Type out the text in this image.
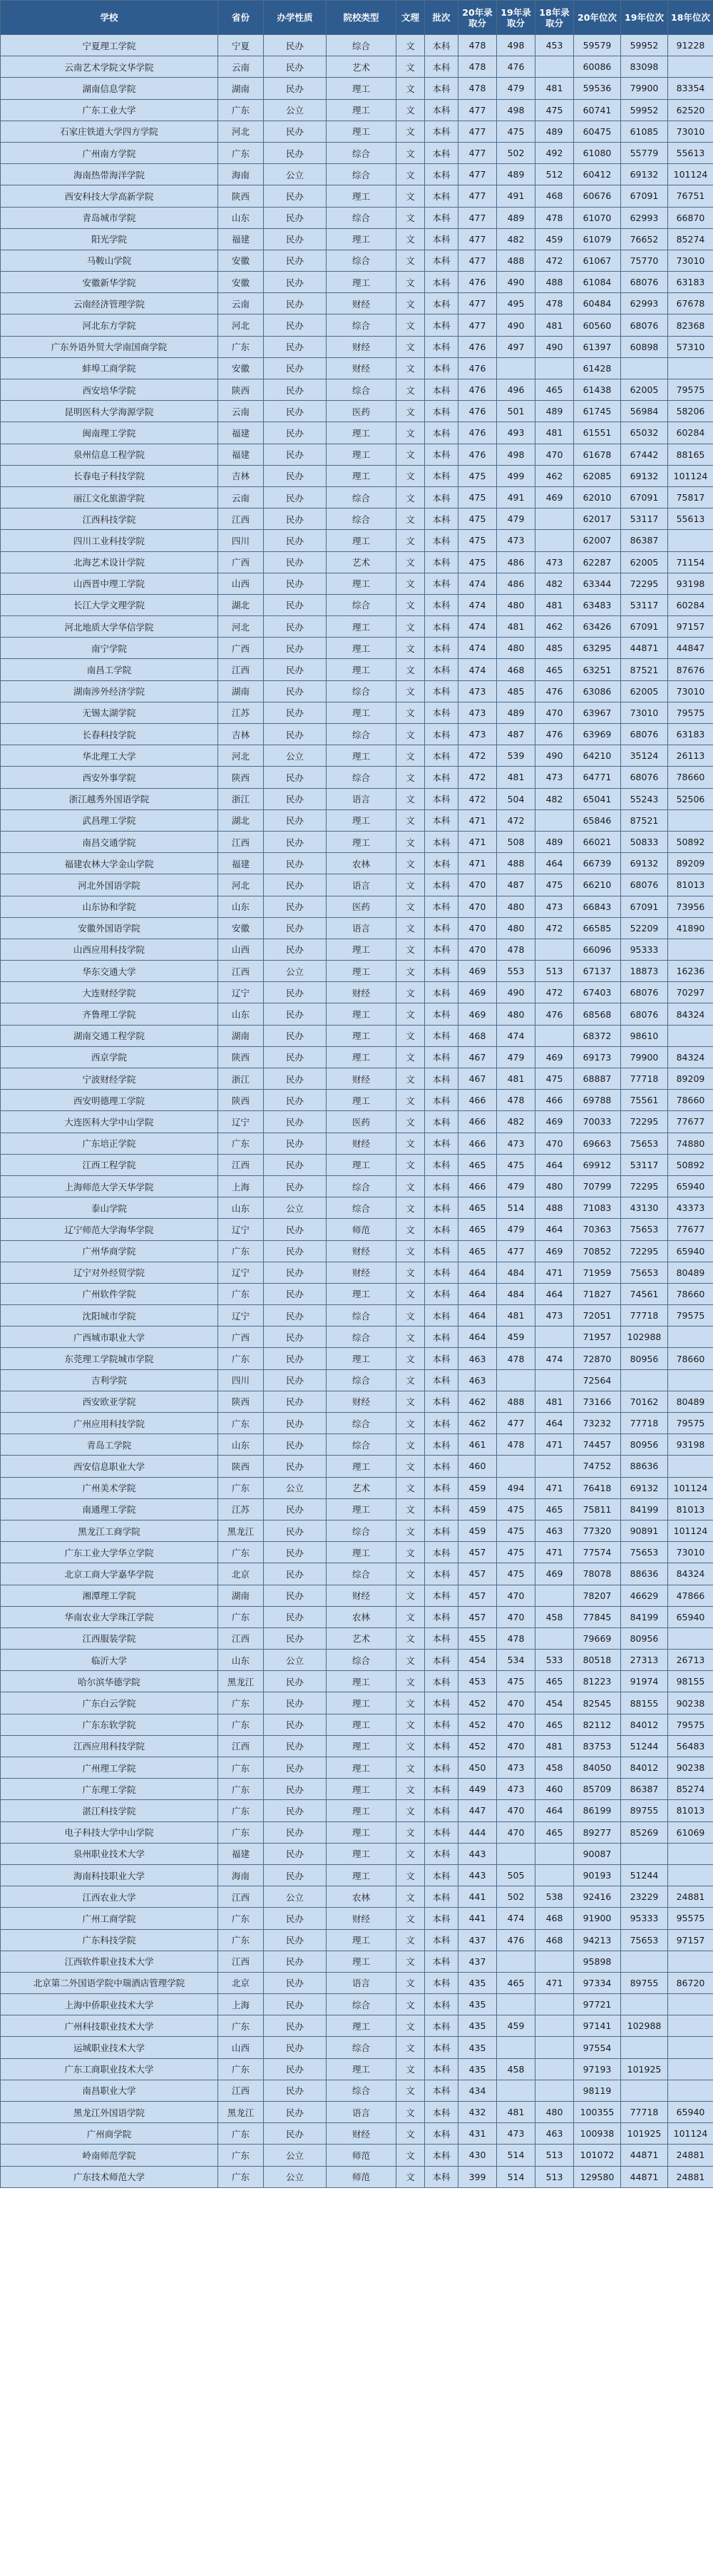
学校	省份	办学性质	院校类型	文理	批次	20年录取分	19年录取分	18年录取分	20年位次	19年位次	18年位次
宁夏理工学院	宁夏	民办	综合	文	本科	478	498	453	59579	59952	91228
云南艺术学院文华学院	云南	民办	艺术	文	本科	478	476		60086	83098	
湖南信息学院	湖南	民办	理工	文	本科	478	479	481	59536	79900	83354
广东工业大学	广东	公立	理工	文	本科	477	498	475	60741	59952	62520
石家庄铁道大学四方学院	河北	民办	理工	文	本科	477	475	489	60475	61085	73010
广州南方学院	广东	民办	综合	文	本科	477	502	492	61080	55779	55613
海南热带海洋学院	海南	公立	综合	文	本科	477	489	512	60412	69132	101124
西安科技大学高新学院	陕西	民办	理工	文	本科	477	491	468	60676	67091	76751
青岛城市学院	山东	民办	综合	文	本科	477	489	478	61070	62993	66870
阳光学院	福建	民办	理工	文	本科	477	482	459	61079	76652	85274
马鞍山学院	安徽	民办	综合	文	本科	477	488	472	61067	75770	73010
安徽新华学院	安徽	民办	理工	文	本科	476	490	488	61084	68076	63183
云南经济管理学院	云南	民办	财经	文	本科	477	495	478	60484	62993	67678
河北东方学院	河北	民办	综合	文	本科	477	490	481	60560	68076	82368
广东外语外贸大学南国商学院	广东	民办	财经	文	本科	476	497	490	61397	60898	57310
蚌埠工商学院	安徽	民办	财经	文	本科	476			61428		
西安培华学院	陕西	民办	综合	文	本科	476	496	465	61438	62005	79575
昆明医科大学海源学院	云南	民办	医药	文	本科	476	501	489	61745	56984	58206
闽南理工学院	福建	民办	理工	文	本科	476	493	481	61551	65032	60284
泉州信息工程学院	福建	民办	理工	文	本科	476	498	470	61678	67442	88165
长春电子科技学院	吉林	民办	理工	文	本科	475	499	462	62085	69132	101124
丽江文化旅游学院	云南	民办	综合	文	本科	475	491	469	62010	67091	75817
江西科技学院	江西	民办	综合	文	本科	475	479		62017	53117	55613
四川工业科技学院	四川	民办	理工	文	本科	475	473		62007	86387	
北海艺术设计学院	广西	民办	艺术	文	本科	475	486	473	62287	62005	71154
山西晋中理工学院	山西	民办	理工	文	本科	474	486	482	63344	72295	93198
长江大学文理学院	湖北	民办	综合	文	本科	474	480	481	63483	53117	60284
河北地质大学华信学院	河北	民办	理工	文	本科	474	481	462	63426	67091	97157
南宁学院	广西	民办	理工	文	本科	474	480	485	63295	44871	44847
南昌工学院	江西	民办	理工	文	本科	474	468	465	63251	87521	87676
湖南涉外经济学院	湖南	民办	综合	文	本科	473	485	476	63086	62005	73010
无锡太湖学院	江苏	民办	理工	文	本科	473	489	470	63967	73010	79575
长春科技学院	吉林	民办	综合	文	本科	473	487	476	63969	68076	63183
华北理工大学	河北	公立	理工	文	本科	472	539	490	64210	35124	26113
西安外事学院	陕西	民办	综合	文	本科	472	481	473	64771	68076	78660
浙江越秀外国语学院	浙江	民办	语言	文	本科	472	504	482	65041	55243	52506
武昌理工学院	湖北	民办	理工	文	本科	471	472		65846	87521	
南昌交通学院	江西	民办	理工	文	本科	471	508	489	66021	50833	50892
福建农林大学金山学院	福建	民办	农林	文	本科	471	488	464	66739	69132	89209
河北外国语学院	河北	民办	语言	文	本科	470	487	475	66210	68076	81013
山东协和学院	山东	民办	医药	文	本科	470	480	473	66843	67091	73956
安徽外国语学院	安徽	民办	语言	文	本科	470	480	472	66585	52209	41890
山西应用科技学院	山西	民办	理工	文	本科	470	478		66096	95333	
华东交通大学	江西	公立	理工	文	本科	469	553	513	67137	18873	16236
大连财经学院	辽宁	民办	财经	文	本科	469	490	472	67403	68076	70297
齐鲁理工学院	山东	民办	理工	文	本科	469	480	476	68568	68076	84324
湖南交通工程学院	湖南	民办	理工	文	本科	468	474		68372	98610	
西京学院	陕西	民办	理工	文	本科	467	479	469	69173	79900	84324
宁波财经学院	浙江	民办	财经	文	本科	467	481	475	68887	77718	89209
西安明德理工学院	陕西	民办	理工	文	本科	466	478	466	69788	75561	78660
大连医科大学中山学院	辽宁	民办	医药	文	本科	466	482	469	70033	72295	77677
广东培正学院	广东	民办	财经	文	本科	466	473	470	69663	75653	74880
江西工程学院	江西	民办	理工	文	本科	465	475	464	69912	53117	50892
上海师范大学天华学院	上海	民办	综合	文	本科	466	479	480	70799	72295	65940
泰山学院	山东	公立	综合	文	本科	465	514	488	71083	43130	43373
辽宁师范大学海华学院	辽宁	民办	师范	文	本科	465	479	464	70363	75653	77677
广州华商学院	广东	民办	财经	文	本科	465	477	469	70852	72295	65940
辽宁对外经贸学院	辽宁	民办	财经	文	本科	464	484	471	71959	75653	80489
广州软件学院	广东	民办	理工	文	本科	464	484	464	71827	74561	78660
沈阳城市学院	辽宁	民办	综合	文	本科	464	481	473	72051	77718	79575
广西城市职业大学	广西	民办	综合	文	本科	464	459		71957	102988	
东莞理工学院城市学院	广东	民办	理工	文	本科	463	478	474	72870	80956	78660
吉利学院	四川	民办	综合	文	本科	463			72564		
西安欧亚学院	陕西	民办	财经	文	本科	462	488	481	73166	70162	80489
广州应用科技学院	广东	民办	综合	文	本科	462	477	464	73232	77718	79575
青岛工学院	山东	民办	综合	文	本科	461	478	471	74457	80956	93198
西安信息职业大学	陕西	民办	理工	文	本科	460			74752	88636	
广州美术学院	广东	公立	艺术	文	本科	459	494	471	76418	69132	101124
南通理工学院	江苏	民办	理工	文	本科	459	475	465	75811	84199	81013
黑龙江工商学院	黑龙江	民办	综合	文	本科	459	475	463	77320	90891	101124
广东工业大学华立学院	广东	民办	理工	文	本科	457	475	471	77574	75653	73010
北京工商大学嘉华学院	北京	民办	综合	文	本科	457	475	469	78078	88636	84324
湘潭理工学院	湖南	民办	财经	文	本科	457	470		78207	46629	47866
华南农业大学珠江学院	广东	民办	农林	文	本科	457	470	458	77845	84199	65940
江西服装学院	江西	民办	艺术	文	本科	455	478		79669	80956	
临沂大学	山东	公立	综合	文	本科	454	534	533	80518	27313	26713
哈尔滨华德学院	黑龙江	民办	理工	文	本科	453	475	465	81223	91974	98155
广东白云学院	广东	民办	理工	文	本科	452	470	454	82545	88155	90238
广东东软学院	广东	民办	理工	文	本科	452	470	465	82112	84012	79575
江西应用科技学院	江西	民办	理工	文	本科	452	470	481	83753	51244	56483
广州理工学院	广东	民办	理工	文	本科	450	473	458	84050	84012	90238
广东理工学院	广东	民办	理工	文	本科	449	473	460	85709	86387	85274
湛江科技学院	广东	民办	理工	文	本科	447	470	464	86199	89755	81013
电子科技大学中山学院	广东	民办	理工	文	本科	444	470	465	89277	85269	61069
泉州职业技术大学	福建	民办	理工	文	本科	443			90087		
海南科技职业大学	海南	民办	理工	文	本科	443	505		90193	51244	
江西农业大学	江西	公立	农林	文	本科	441	502	538	92416	23229	24881
广州工商学院	广东	民办	财经	文	本科	441	474	468	91900	95333	95575
广东科技学院	广东	民办	理工	文	本科	437	476	468	94213	75653	97157
江西软件职业技术大学	江西	民办	理工	文	本科	437			95898		
北京第二外国语学院中瑞酒店管理学院	北京	民办	语言	文	本科	435	465	471	97334	89755	86720
上海中侨职业技术大学	上海	民办	综合	文	本科	435			97721		
广州科技职业技术大学	广东	民办	理工	文	本科	435	459		97141	102988	
运城职业技术大学	山西	民办	综合	文	本科	435			97554		
广东工商职业技术大学	广东	民办	理工	文	本科	435	458		97193	101925	
南昌职业大学	江西	民办	综合	文	本科	434			98119		
黑龙江外国语学院	黑龙江	民办	语言	文	本科	432	481	480	100355	77718	65940
广州商学院	广东	民办	财经	文	本科	431	473	463	100938	101925	101124
岭南师范学院	广东	公立	师范	文	本科	430	514	513	101072	44871	24881
广东技术师范大学	广东	公立	师范	文	本科	399	514	513	129580	44871	24881
